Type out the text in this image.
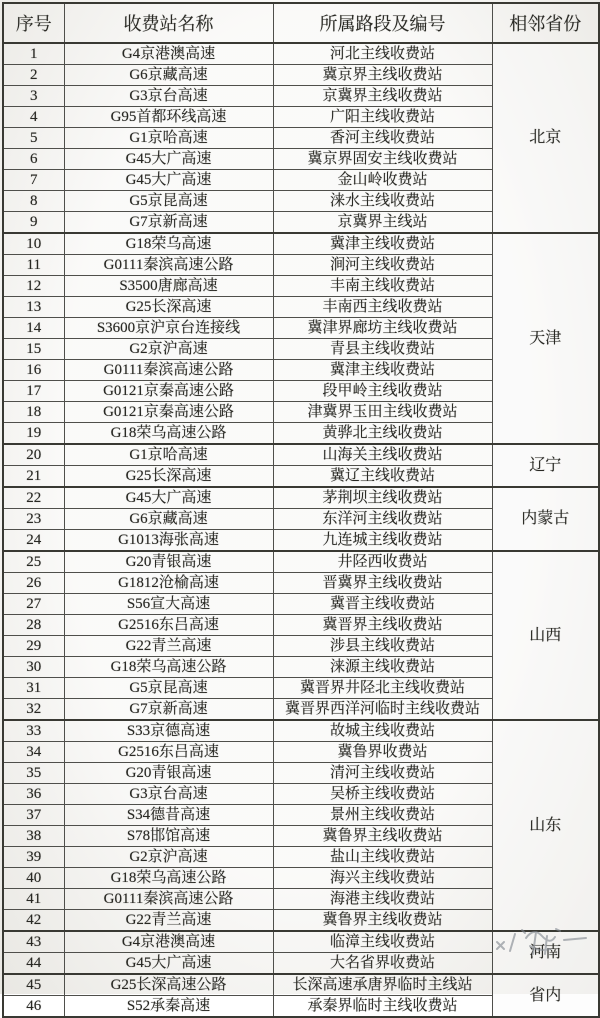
序号	收费站名称	所属路段及编号	相邻省份
1	G4京港澳高速	河北主线收费站	北京
2	G6京藏高速	冀京界主线收费站	
3	G3京台高速	京冀界主线收费站	
4	G95首都环线高速	广阳主线收费站	
5	G1京哈高速	香河主线收费站	
6	G45大广高速	冀京界固安主线收费站	
7	G45大广高速	金山岭收费站	
8	G5京昆高速	涞水主线收费站	
9	G7京新高速	京冀界主线站	
10	G18荣乌高速	冀津主线收费站	天津
11	G0111秦滨高速公路	涧河主线收费站	
12	S3500唐廊高速	丰南主线收费站	
13	G25长深高速	丰南西主线收费站	
14	S3600京沪京台连接线	冀津界廊坊主线收费站	
15	G2京沪高速	青县主线收费站	
16	G0111秦滨高速公路	冀津主线收费站	
17	G0121京秦高速公路	段甲岭主线收费站	
18	G0121京秦高速公路	津冀界玉田主线收费站	
19	G18荣乌高速公路	黄骅北主线收费站	
20	G1京哈高速	山海关主线收费站	辽宁
21	G25长深高速	冀辽主线收费站	
22	G45大广高速	茅荆坝主线收费站	内蒙古
23	G6京藏高速	东洋河主线收费站	
24	G1013海张高速	九连城主线收费站	
25	G20青银高速	井陉西收费站	山西
26	G1812沧榆高速	晋冀界主线收费站	
27	S56宣大高速	冀晋主线收费站	
28	G2516东吕高速	冀晋界主线收费站	
29	G22青兰高速	涉县主线收费站	
30	G18荣乌高速公路	涞源主线收费站	
31	G5京昆高速	冀晋界井陉北主线收费站	
32	G7京新高速	冀晋界西洋河临时主线收费站	
33	S33京德高速	故城主线收费站	山东
34	G2516东吕高速	冀鲁界收费站	
35	G20青银高速	清河主线收费站	
36	G3京台高速	吴桥主线收费站	
37	S34德昔高速	景州主线收费站	
38	S78邯馆高速	冀鲁界主线收费站	
39	G2京沪高速	盐山主线收费站	
40	G18荣乌高速公路	海兴主线收费站	
41	G0111秦滨高速公路	海港主线收费站	
42	G22青兰高速	冀鲁界主线收费站	
43	G4京港澳高速	临漳主线收费站	河南
44	G45大广高速	大名省界收费站	
45	G25长深高速公路	长深高速承唐界临时主线站	省内
46	S52承秦高速	承秦界临时主线收费站	
